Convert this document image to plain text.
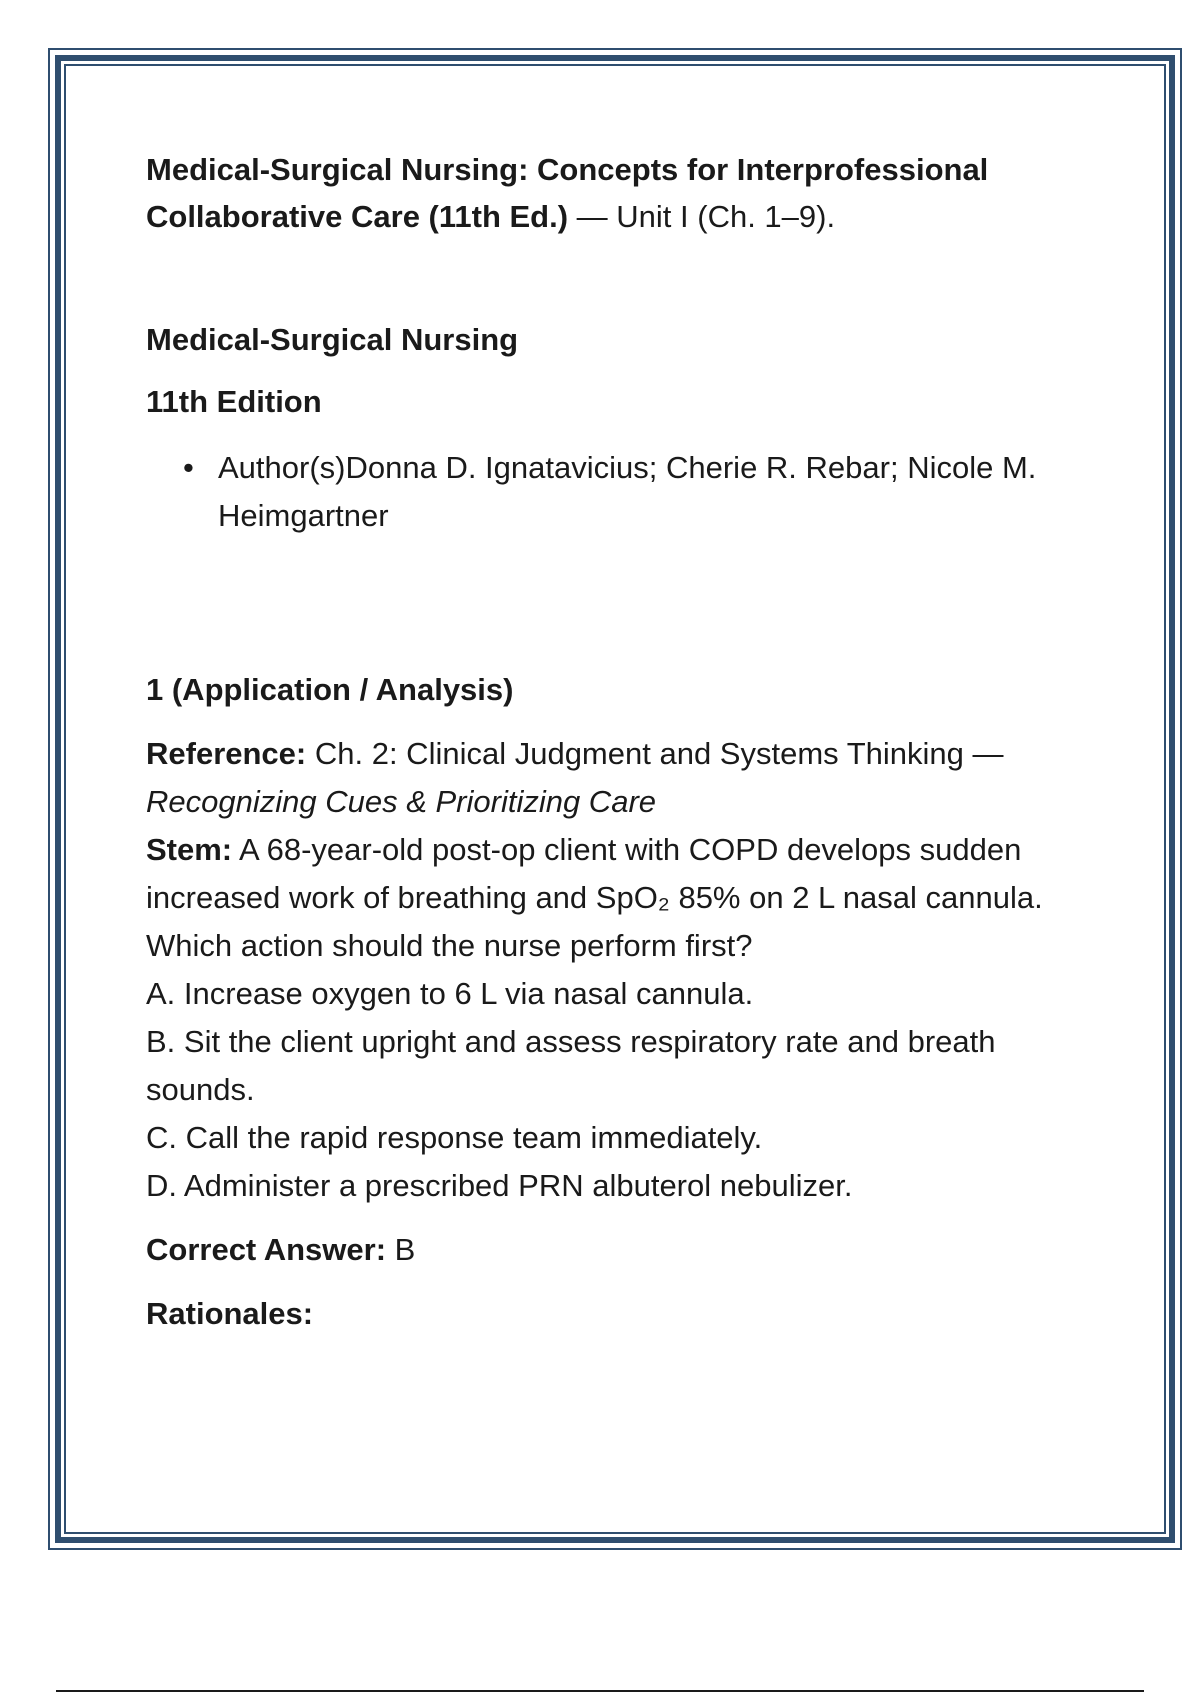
Medical-Surgical Nursing: Concepts for Interprofessional Collaborative Care (11th Ed.) — Unit I (Ch. 1–9).

Medical-Surgical Nursing

11th Edition

• Author(s)Donna D. Ignatavicius; Cherie R. Rebar; Nicole M. Heimgartner

1 (Application / Analysis)

Reference: Ch. 2: Clinical Judgment and Systems Thinking — Recognizing Cues & Prioritizing Care

Stem: A 68-year-old post-op client with COPD develops sudden increased work of breathing and SpO₂ 85% on 2 L nasal cannula. Which action should the nurse perform first?

A. Increase oxygen to 6 L via nasal cannula.
B. Sit the client upright and assess respiratory rate and breath sounds.
C. Call the rapid response team immediately.
D. Administer a prescribed PRN albuterol nebulizer.

Correct Answer: B

Rationales:
